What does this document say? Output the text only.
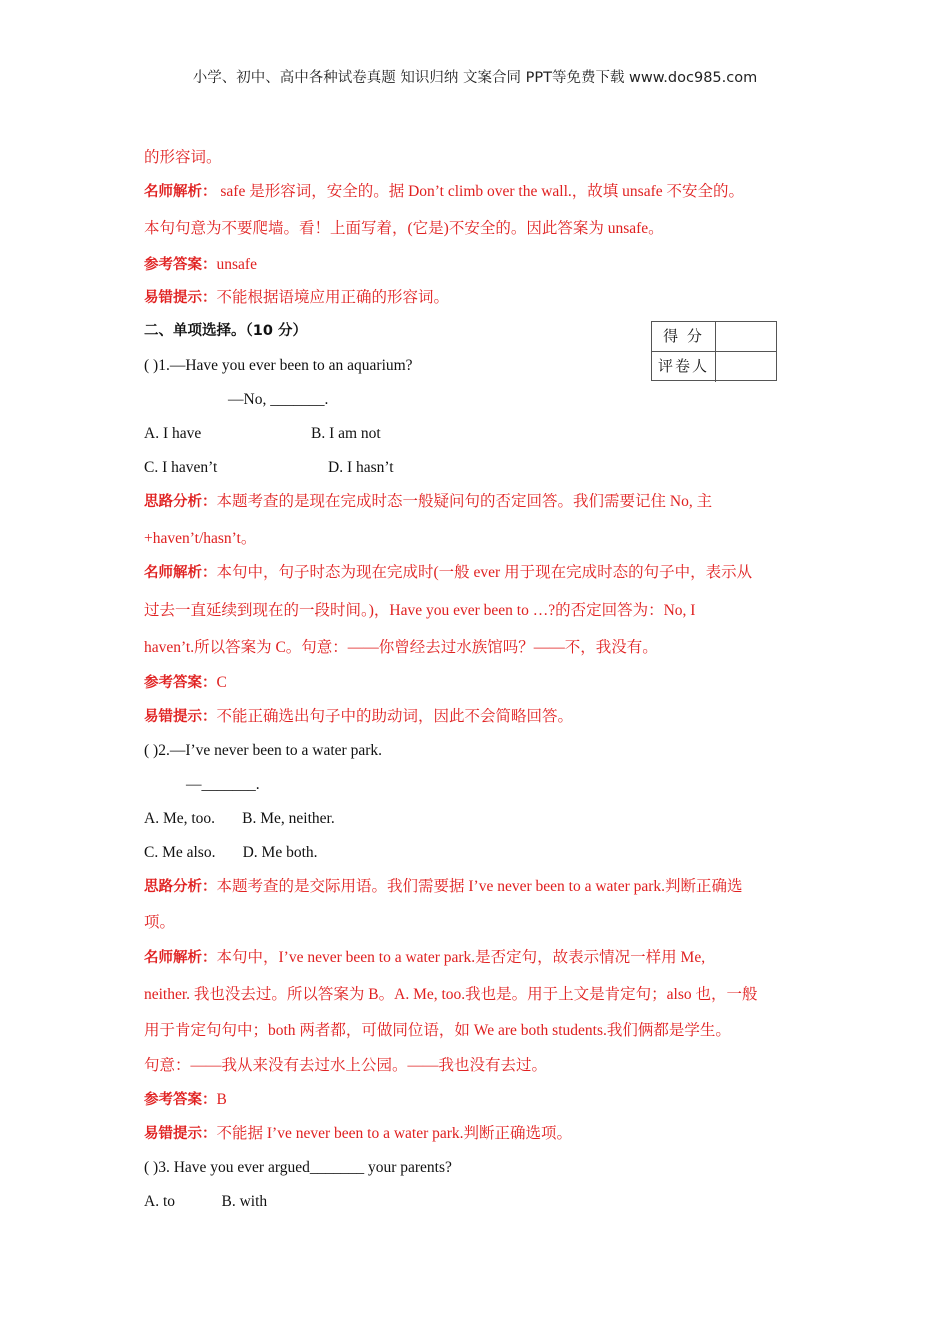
小学、初中、高中各种试卷真题 知识归纳 文案合同 PPT等免费下载 www.doc985.com
的形容词。
名师解析： safe 是形容词，安全的。据 Don’t climb over the wall.，故填 unsafe 不安全的。
本句句意为不要爬墙。看！上面写着，(它是)不安全的。因此答案为 unsafe。
参考答案：unsafe
易错提示：不能根据语境应用正确的形容词。
二、单项选择。（10 分）	得 分
评卷人
( )1.—Have you ever been to an aquarium?
—No, _______.
A. I have	B. I am not
C. I haven’t	D. I hasn’t
思路分析：本题考查的是现在完成时态一般疑问句的否定回答。我们需要记住 No, 主
+haven’t/hasn’t。
名师解析：本句中，句子时态为现在完成时(一般 ever 用于现在完成时态的句子中，表示从
过去一直延续到现在的一段时间。)，Have you ever been to …?的否定回答为：No, I
haven’t.所以答案为 C。句意：——你曾经去过水族馆吗？——不，我没有。
参考答案：C
易错提示：不能正确选出句子中的助动词，因此不会简略回答。
( )2.—I’ve never been to a water park.
—_______.
A. Me, too.       B. Me, neither.
C. Me also.       D. Me both.
思路分析：本题考查的是交际用语。我们需要据 I’ve never been to a water park.判断正确选
项。
名师解析：本句中，I’ve never been to a water park.是否定句，故表示情况一样用 Me,
neither. 我也没去过。所以答案为 B。A. Me, too.我也是。用于上文是肯定句；also 也，一般
用于肯定句句中；both 两者都，可做同位语，如 We are both students.我们俩都是学生。
句意：——我从来没有去过水上公园。——我也没有去过。
参考答案：B
易错提示：不能据 I’ve never been to a water park.判断正确选项。
( )3. Have you ever argued_______ your parents?
A. to            B. with
